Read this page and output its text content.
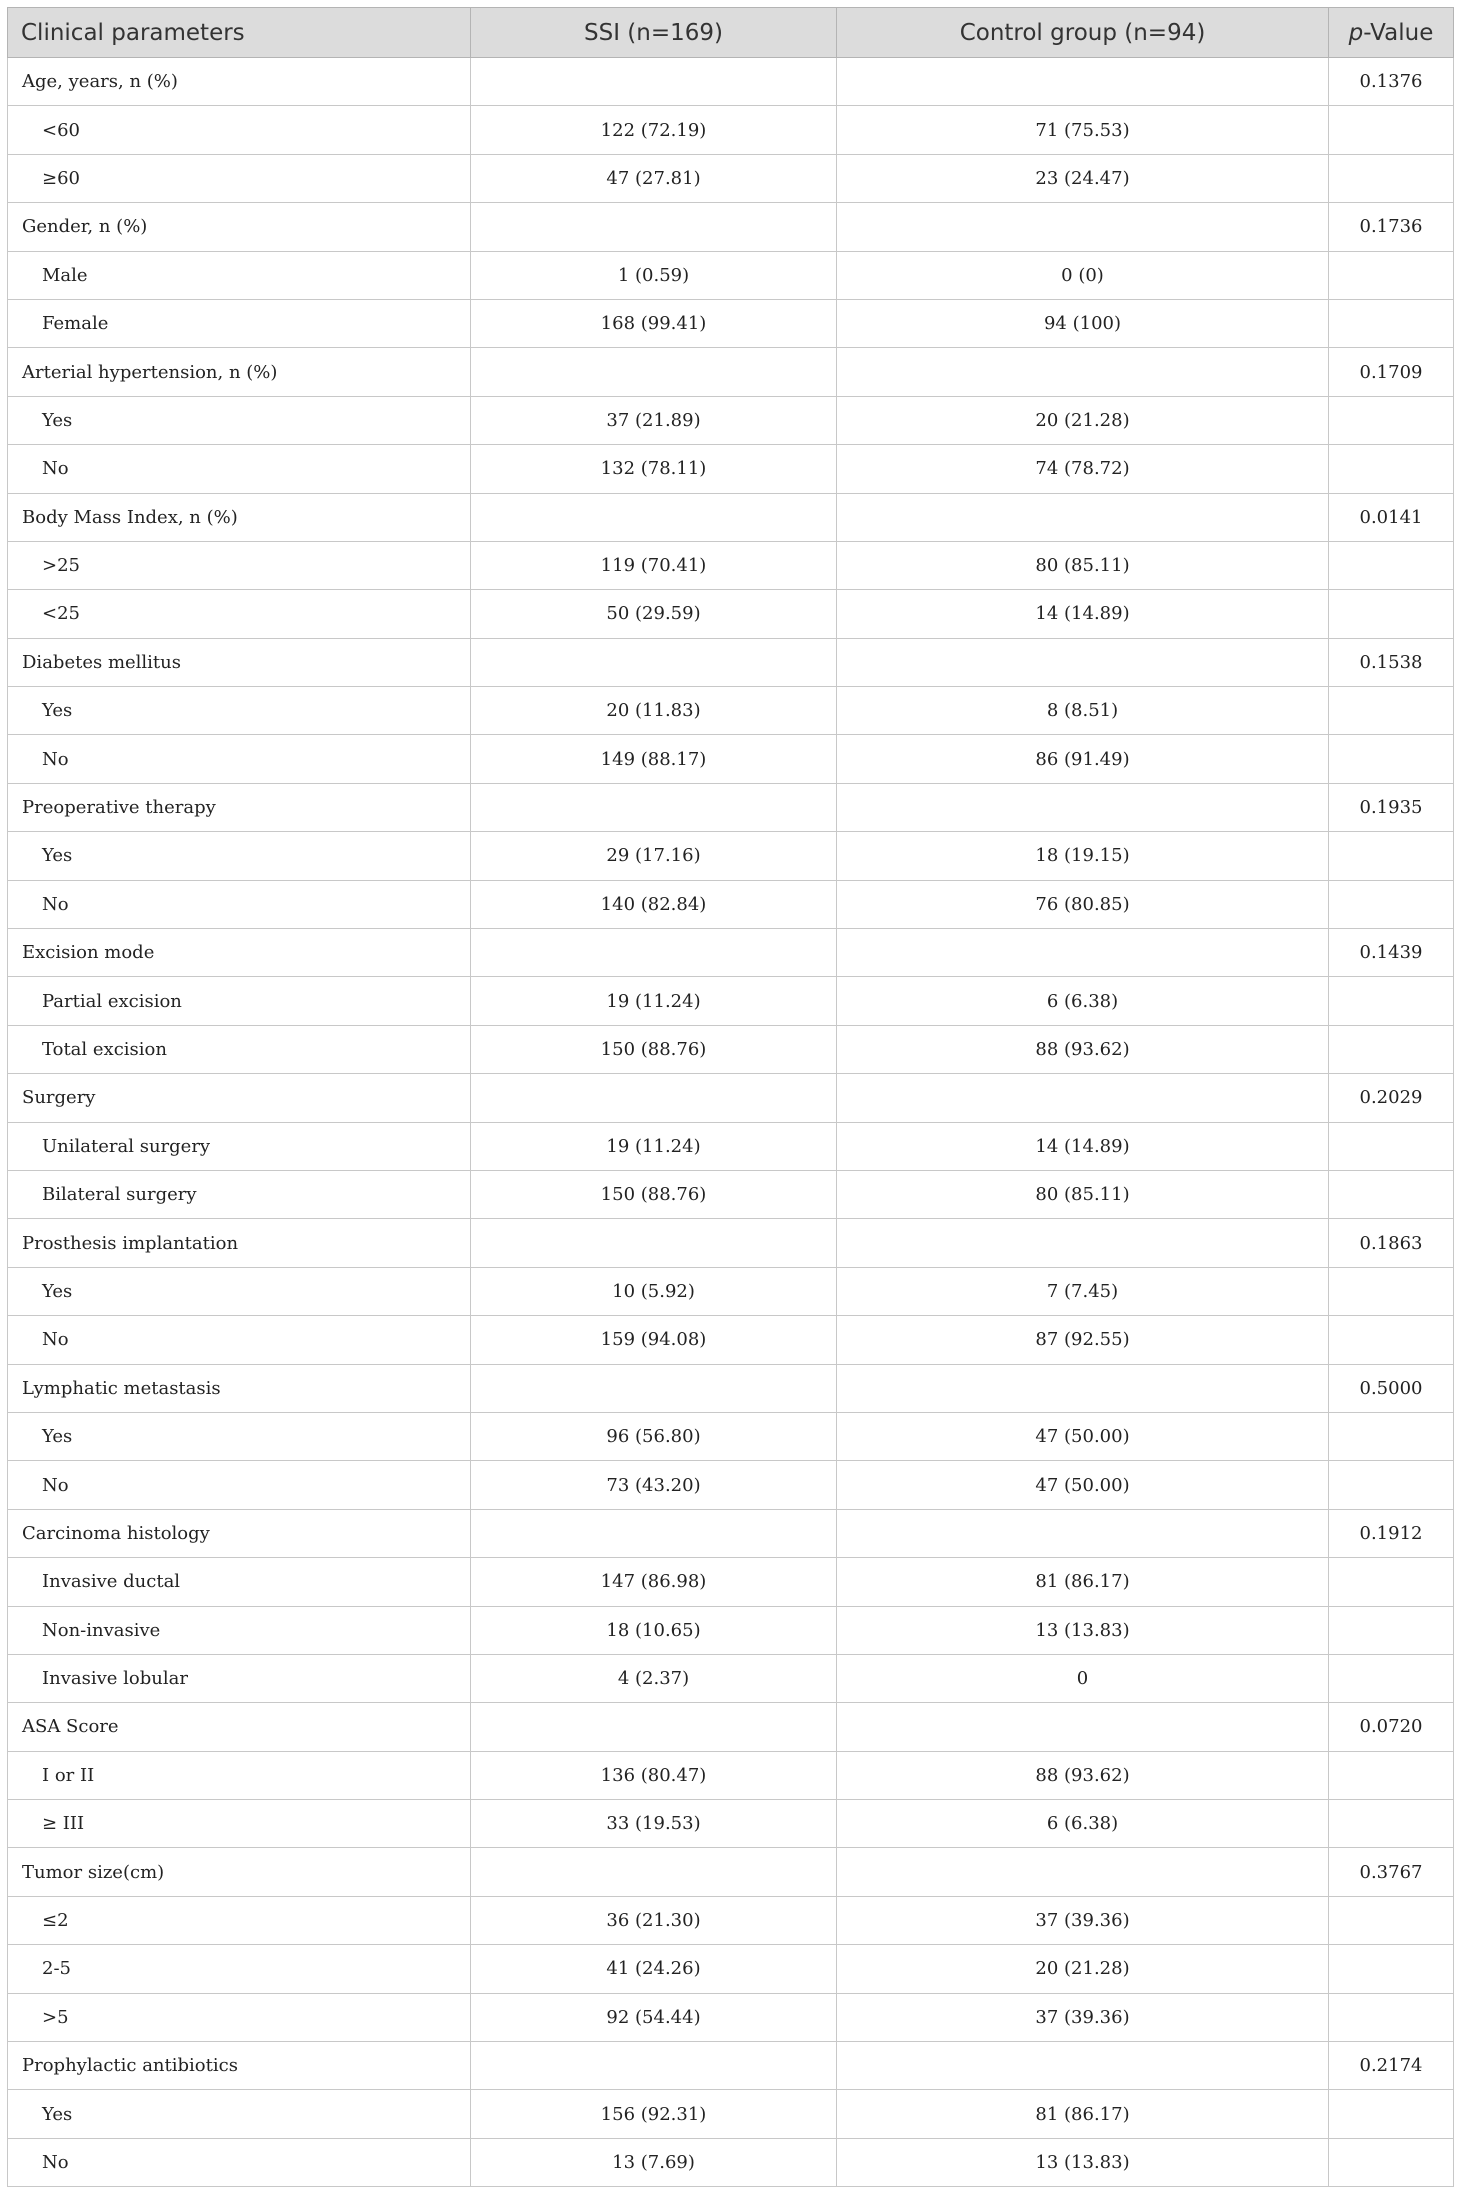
Clinical parameters	SSI (n=169)	Control group (n=94)	p-Value
Age, years, n (%)			0.1376
<60	122 (72.19)	71 (75.53)	
≥60	47 (27.81)	23 (24.47)	
Gender, n (%)			0.1736
Male	1 (0.59)	0 (0)	
Female	168 (99.41)	94 (100)	
Arterial hypertension, n (%)			0.1709
Yes	37 (21.89)	20 (21.28)	
No	132 (78.11)	74 (78.72)	
Body Mass Index, n (%)			0.0141
>25	119 (70.41)	80 (85.11)	
<25	50 (29.59)	14 (14.89)	
Diabetes mellitus			0.1538
Yes	20 (11.83)	8 (8.51)	
No	149 (88.17)	86 (91.49)	
Preoperative therapy			0.1935
Yes	29 (17.16)	18 (19.15)	
No	140 (82.84)	76 (80.85)	
Excision mode			0.1439
Partial excision	19 (11.24)	6 (6.38)	
Total excision	150 (88.76)	88 (93.62)	
Surgery			0.2029
Unilateral surgery	19 (11.24)	14 (14.89)	
Bilateral surgery	150 (88.76)	80 (85.11)	
Prosthesis implantation			0.1863
Yes	10 (5.92)	7 (7.45)	
No	159 (94.08)	87 (92.55)	
Lymphatic metastasis			0.5000
Yes	96 (56.80)	47 (50.00)	
No	73 (43.20)	47 (50.00)	
Carcinoma histology			0.1912
Invasive ductal	147 (86.98)	81 (86.17)	
Non-invasive	18 (10.65)	13 (13.83)	
Invasive lobular	4 (2.37)	0	
ASA Score			0.0720
I or II	136 (80.47)	88 (93.62)	
≥ III	33 (19.53)	6 (6.38)	
Tumor size(cm)			0.3767
≤2	36 (21.30)	37 (39.36)	
2-5	41 (24.26)	20 (21.28)	
>5	92 (54.44)	37 (39.36)	
Prophylactic antibiotics			0.2174
Yes	156 (92.31)	81 (86.17)	
No	13 (7.69)	13 (13.83)	
